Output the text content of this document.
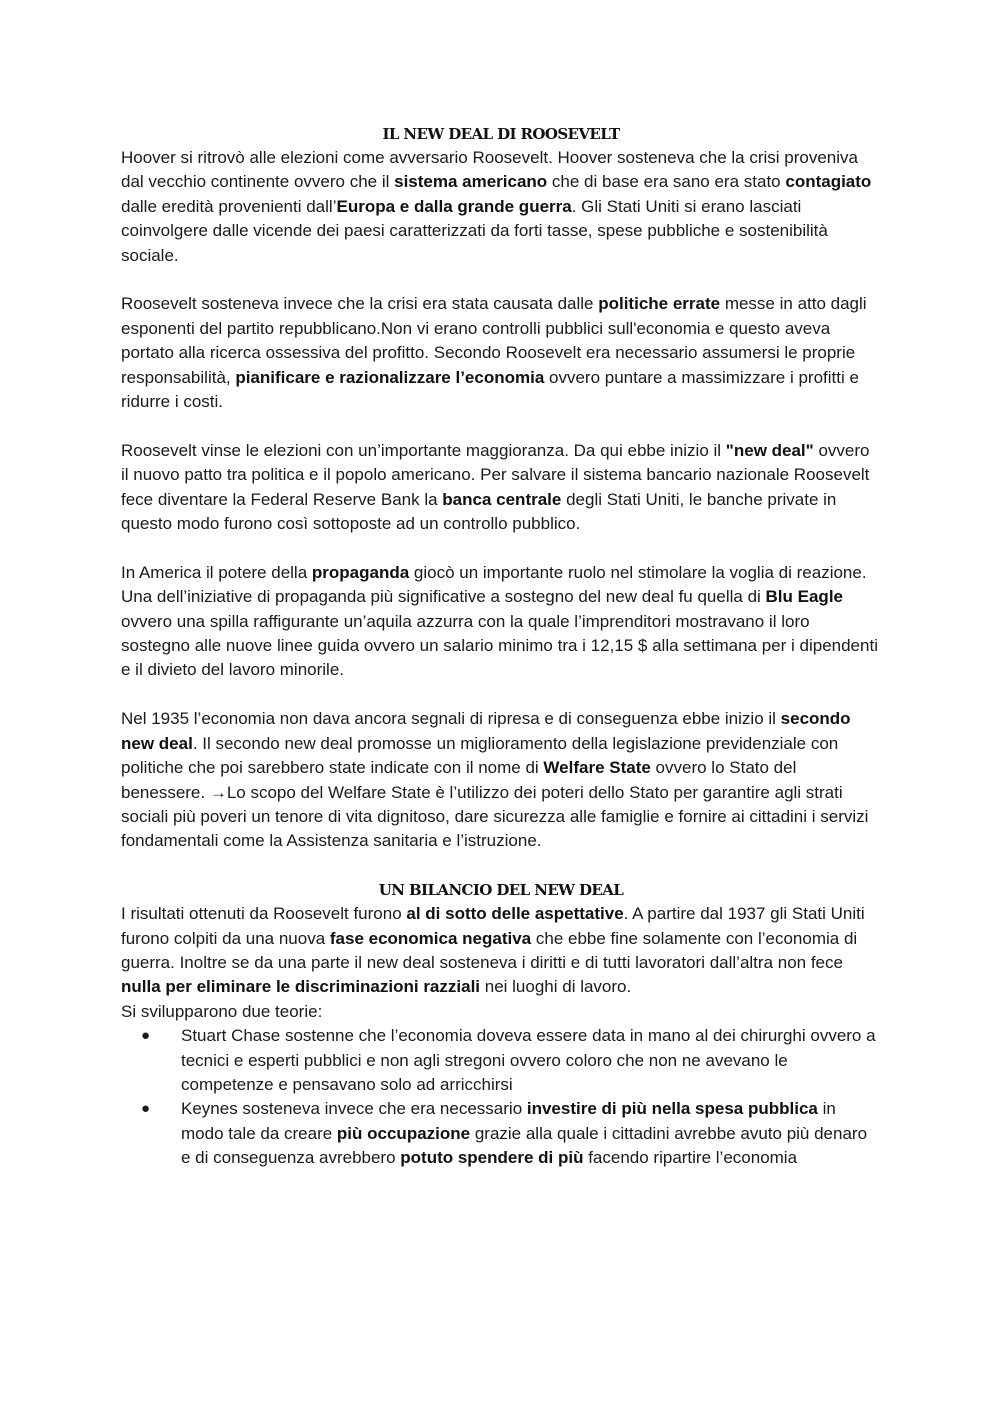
IL NEW DEAL DI ROOSEVELT

Hoover si ritrovò alle elezioni come avversario Roosevelt. Hoover sosteneva che la crisi proveniva dal vecchio continente ovvero che il sistema americano che di base era sano era stato contagiato dalle eredità provenienti dall’Europa e dalla grande guerra. Gli Stati Uniti si erano lasciati coinvolgere dalle vicende dei paesi caratterizzati da forti tasse, spese pubbliche e sostenibilità sociale.

Roosevelt sosteneva invece che la crisi era stata causata dalle politiche errate messe in atto dagli esponenti del partito repubblicano.Non vi erano controlli pubblici sull'economia e questo aveva portato alla ricerca ossessiva del profitto. Secondo Roosevelt era necessario assumersi le proprie responsabilità, pianificare e razionalizzare l’economia ovvero puntare a massimizzare i profitti e ridurre i costi.

Roosevelt vinse le elezioni con un’importante maggioranza. Da qui ebbe inizio il "new deal" ovvero il nuovo patto tra politica e il popolo americano. Per salvare il sistema bancario nazionale Roosevelt fece diventare la Federal Reserve Bank la banca centrale degli Stati Uniti, le banche private in questo modo furono così sottoposte ad un controllo pubblico.

In America il potere della propaganda giocò un importante ruolo nel stimolare la voglia di reazione. Una dell’iniziative di propaganda più significative a sostegno del new deal fu quella di Blu Eagle ovvero una spilla raffigurante un’aquila azzurra con la quale l’imprenditori mostravano il loro sostegno alle nuove linee guida ovvero un salario minimo tra i 12,15 $ alla settimana per i dipendenti e il divieto del lavoro minorile.

Nel 1935 l’economia non dava ancora segnali di ripresa e di conseguenza ebbe inizio il secondo new deal. Il secondo new deal promosse un miglioramento della legislazione previdenziale con politiche che poi sarebbero state indicate con il nome di Welfare State ovvero lo Stato del benessere. →Lo scopo del Welfare State è l’utilizzo dei poteri dello Stato per garantire agli strati sociali più poveri un tenore di vita dignitoso, dare sicurezza alle famiglie e fornire ai cittadini i servizi fondamentali come la Assistenza sanitaria e l’istruzione.

UN BILANCIO DEL NEW DEAL

I risultati ottenuti da Roosevelt furono al di sotto delle aspettative. A partire dal 1937 gli Stati Uniti furono colpiti da una nuova fase economica negativa che ebbe fine solamente con l’economia di guerra. Inoltre se da una parte il new deal sosteneva i diritti e di tutti lavoratori dall’altra non fece nulla per eliminare le discriminazioni razziali nei luoghi di lavoro.

Si svilupparono due teorie:

● Stuart Chase sostenne che l’economia doveva essere data in mano al dei chirurghi ovvero a tecnici e esperti pubblici e non agli stregoni ovvero coloro che non ne avevano le competenze e pensavano solo ad arricchirsi
● Keynes sosteneva invece che era necessario investire di più nella spesa pubblica in modo tale da creare più occupazione grazie alla quale i cittadini avrebbe avuto più denaro e di conseguenza avrebbero potuto spendere di più facendo ripartire l’economia
